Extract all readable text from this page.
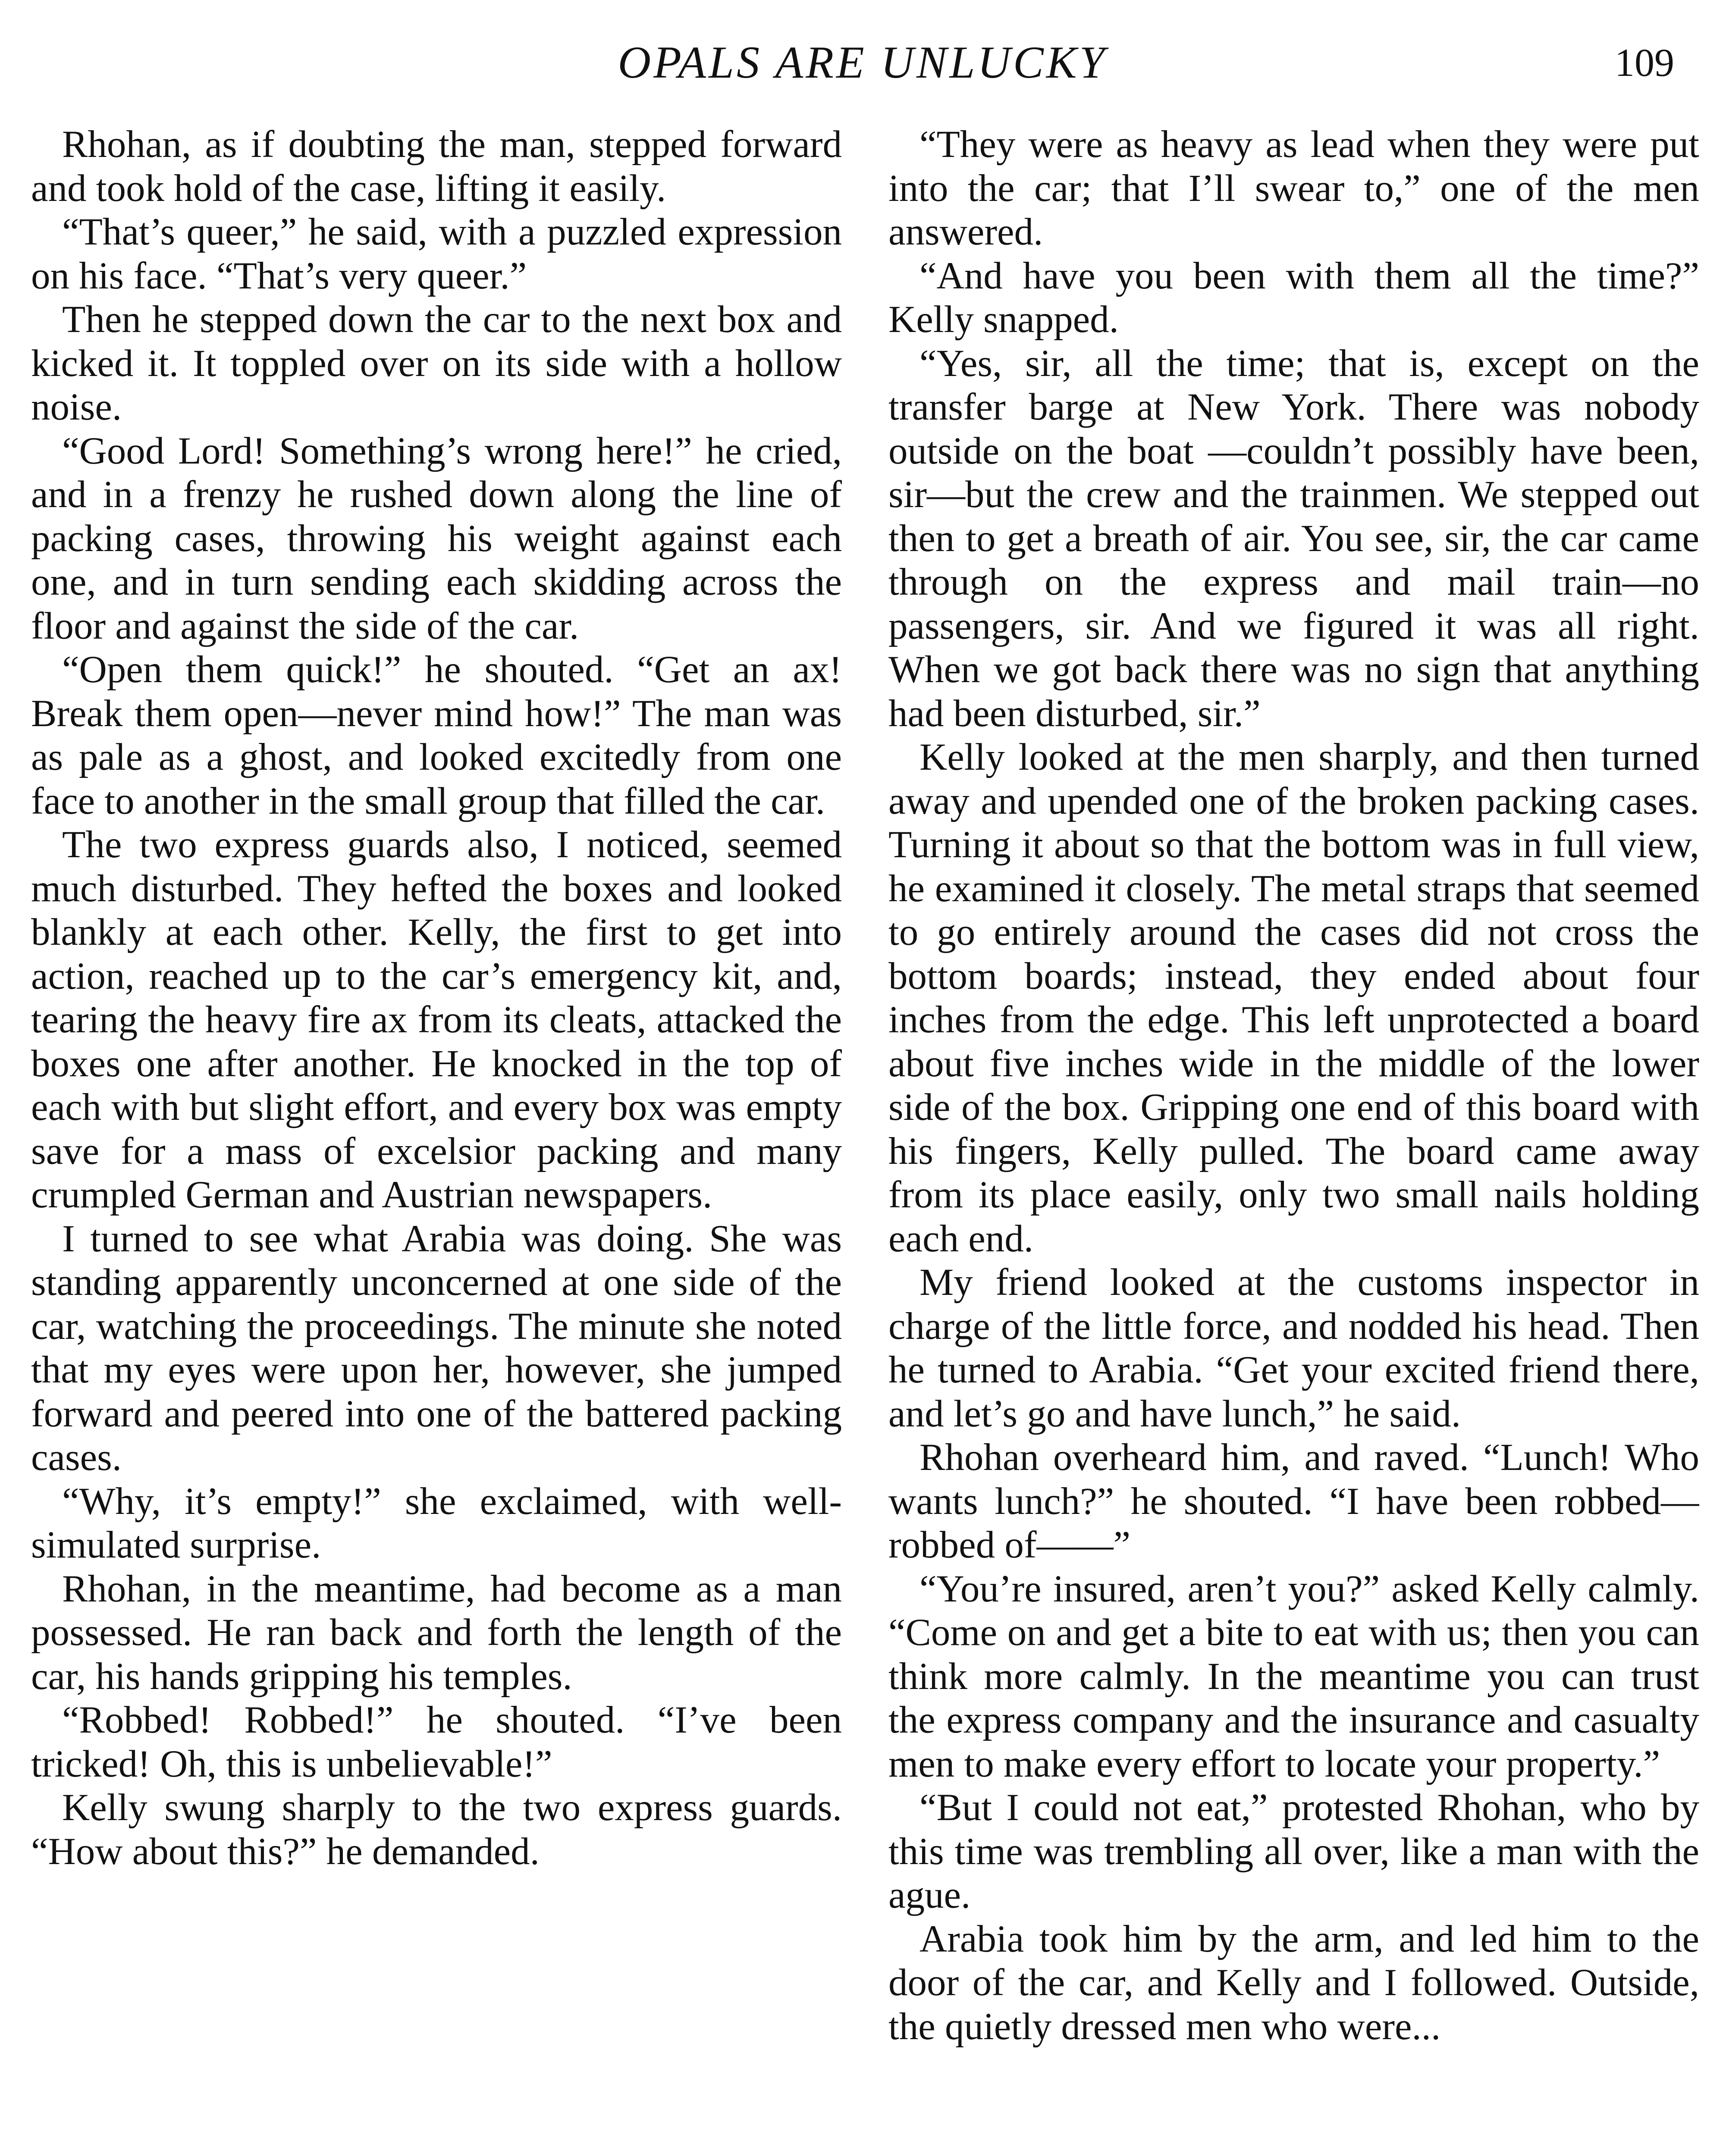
OPALS ARE UNLUCKY	109

Rhohan, as if doubting the man, stepped forward and took hold of the case, lifting it easily.

“That’s queer,” he said, with a puzzled expression on his face. “That’s very queer.”

Then he stepped down the car to the next box and kicked it. It toppled over on its side with a hollow noise.

“Good Lord! Something’s wrong here!” he cried, and in a frenzy he rushed down along the line of packing cases, throwing his weight against each one, and in turn sending each skidding across the floor and against the side of the car.

“Open them quick!” he shouted. “Get an ax! Break them open—never mind how!” The man was as pale as a ghost, and looked excitedly from one face to another in the small group that filled the car.

The two express guards also, I noticed, seemed much disturbed. They hefted the boxes and looked blankly at each other. Kelly, the first to get into action, reached up to the car’s emergency kit, and, tearing the heavy fire ax from its cleats, attacked the boxes one after another. He knocked in the top of each with but slight effort, and every box was empty save for a mass of excelsior packing and many crumpled German and Austrian newspapers.

I turned to see what Arabia was doing. She was standing apparently unconcerned at one side of the car, watching the proceedings. The minute she noted that my eyes were upon her, however, she jumped forward and peered into one of the battered packing cases.

“Why, it’s empty!” she exclaimed, with well-simulated surprise.

Rhohan, in the meantime, had become as a man possessed. He ran back and forth the length of the car, his hands gripping his temples.

“Robbed! Robbed!” he shouted. “I’ve been tricked! Oh, this is unbelievable!”

Kelly swung sharply to the two express guards. “How about this?” he demanded.

“They were as heavy as lead when they were put into the car; that I’ll swear to,” one of the men answered.

“And have you been with them all the time?” Kelly snapped.

“Yes, sir, all the time; that is, except on the transfer barge at New York. There was nobody outside on the boat —couldn’t possibly have been, sir—but the crew and the trainmen. We stepped out then to get a breath of air. You see, sir, the car came through on the express and mail train—no passengers, sir. And we figured it was all right. When we got back there was no sign that anything had been disturbed, sir.”

Kelly looked at the men sharply, and then turned away and upended one of the broken packing cases. Turning it about so that the bottom was in full view, he examined it closely. The metal straps that seemed to go entirely around the cases did not cross the bottom boards; instead, they ended about four inches from the edge. This left unprotected a board about five inches wide in the middle of the lower side of the box. Gripping one end of this board with his fingers, Kelly pulled. The board came away from its place easily, only two small nails holding each end.

My friend looked at the customs inspector in charge of the little force, and nodded his head. Then he turned to Arabia. “Get your excited friend there, and let’s go and have lunch,” he said.

Rhohan overheard him, and raved. “Lunch! Who wants lunch?” he shouted. “I have been robbed—robbed of——”

“You’re insured, aren’t you?” asked Kelly calmly. “Come on and get a bite to eat with us; then you can think more calmly. In the meantime you can trust the express company and the insurance and casualty men to make every effort to locate your property.”

“But I could not eat,” protested Rhohan, who by this time was trembling all over, like a man with the ague.

Arabia took him by the arm, and led him to the door of the car, and Kelly and I followed. Outside, the quietly dressed men who were...
